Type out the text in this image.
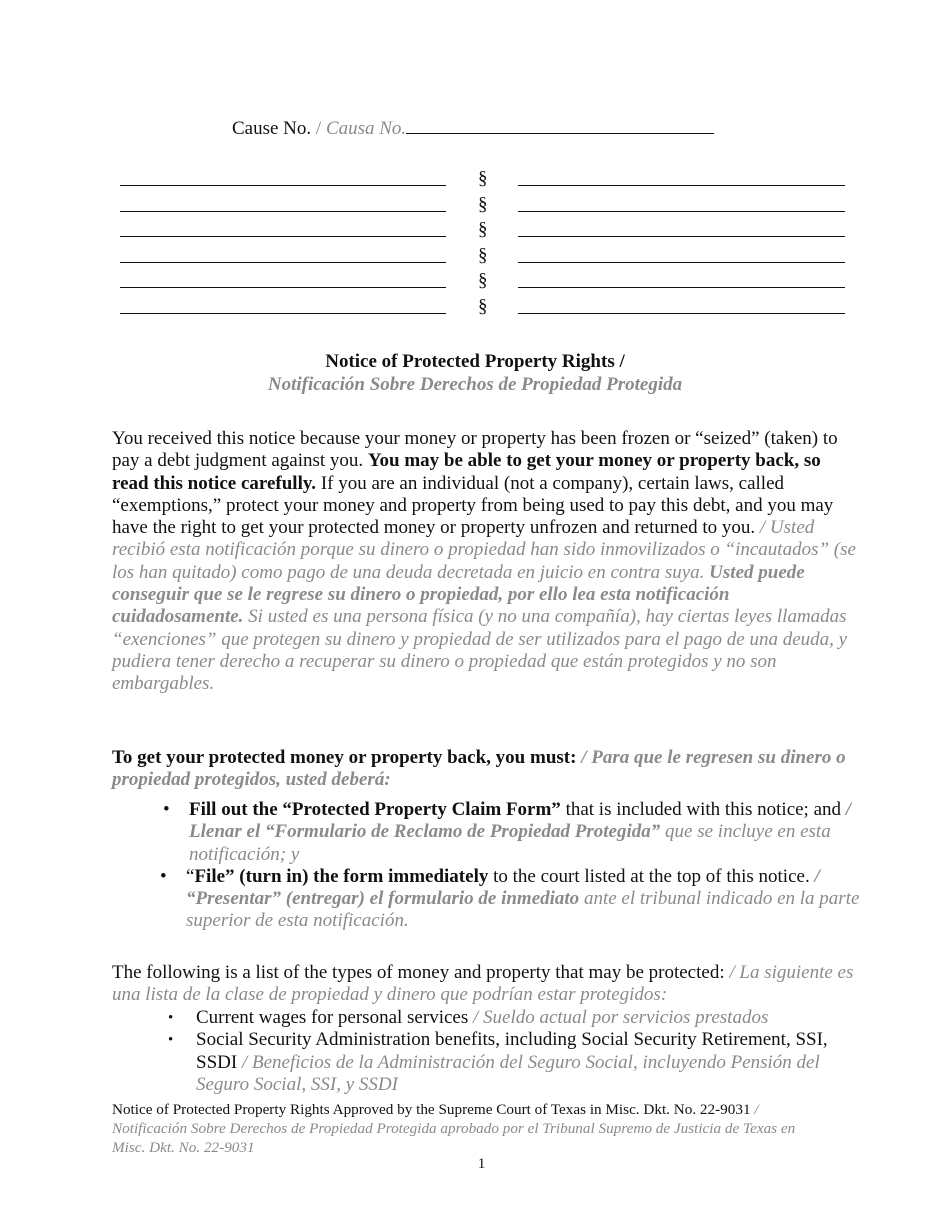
Cause No. / Causa No.
§
§
§
§
§
§
Notice of Protected Property Rights /
Notificación Sobre Derechos de Propiedad Protegida
You received this notice because your money or property has been frozen or “seized” (taken) to pay a debt judgment against you. You may be able to get your money or property back, so read this notice carefully. If you are an individual (not a company), certain laws, called “exemptions,” protect your money and property from being used to pay this debt, and you may have the right to get your protected money or property unfrozen and returned to you. / Usted recibió esta notificación porque su dinero o propiedad han sido inmovilizados o “incautados” (se los han quitado) como pago de una deuda decretada en juicio en contra suya. Usted puede conseguir que se le regrese su dinero o propiedad, por ello lea esta notificación cuidadosamente. Si usted es una persona física (y no una compañía), hay ciertas leyes llamadas “exenciones” que protegen su dinero y propiedad de ser utilizados para el pago de una deuda, y pudiera tener derecho a recuperar su dinero o propiedad que están protegidos y no son embargables.
To get your protected money or property back, you must: / Para que le regresen su dinero o propiedad protegidos, usted deberá:
• Fill out the “Protected Property Claim Form” that is included with this notice; and / Llenar el “Formulario de Reclamo de Propiedad Protegida” que se incluye en esta notificación; y
• “File” (turn in) the form immediately to the court listed at the top of this notice. / “Presentar” (entregar) el formulario de inmediato ante el tribunal indicado en la parte superior de esta notificación.
The following is a list of the types of money and property that may be protected: / La siguiente es una lista de la clase de propiedad y dinero que podrían estar protegidos:
• Current wages for personal services / Sueldo actual por servicios prestados
• Social Security Administration benefits, including Social Security Retirement, SSI, SSDI / Beneficios de la Administración del Seguro Social, incluyendo Pensión del Seguro Social, SSI, y SSDI
Notice of Protected Property Rights Approved by the Supreme Court of Texas in Misc. Dkt. No. 22-9031 / Notificación Sobre Derechos de Propiedad Protegida aprobado por el Tribunal Supremo de Justicia de Texas en Misc. Dkt. No. 22-9031
1
